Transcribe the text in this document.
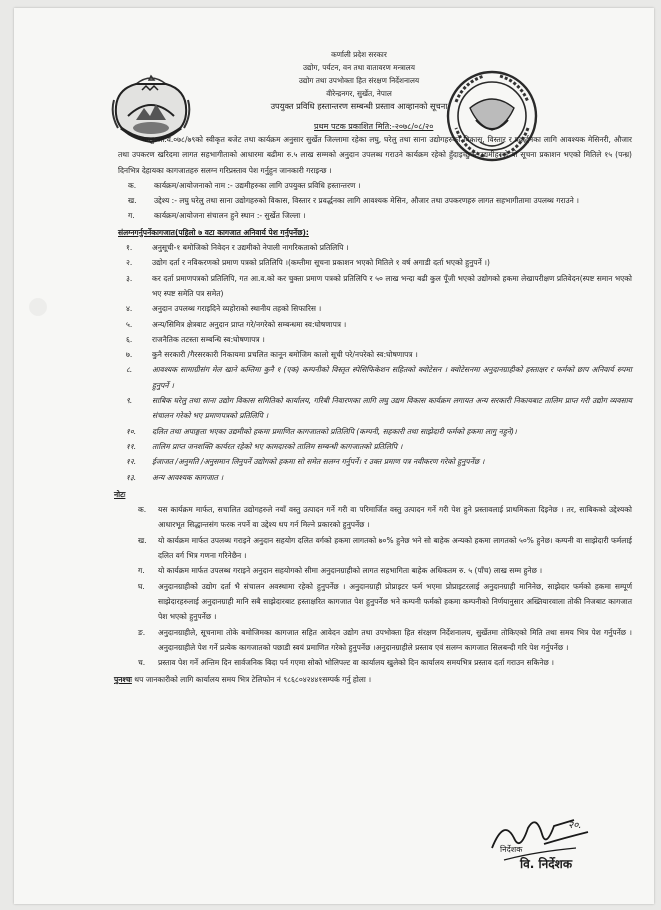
कर्णाली प्रदेश सरकार
उद्योग, पर्यटन, वन तथा वातावरण मन्त्रालय
उद्योग तथा उपभोक्ता हित संरक्षण निर्देशनालय
वीरेन्द्रनगर, सुर्खेत, नेपाल
उपयुक्त प्रविधि हस्तान्तरण सम्बन्धी प्रस्ताव आव्हानको सूचना
प्रथम पटक प्रकाशित मिति:-२०७८/०८/२०
चालु आ.व.०७८/७९को स्वीकृत बजेट तथा कार्यक्रम अनुसार सुर्खेत जिल्लामा रहेका लघु, घरेलु तथा साना उद्योगहरुको विकास, विस्तार र प्रवर्द्धनका लागि आवश्यक मेसिनरी, औजार तथा उपकरण खरिदमा लागत सहभागीताको आधारमा बढीमा रु.५ लाख सम्मको अनुदान उपलब्ध गराउने कार्यक्रम रहेको हुँदाइच्छुक उद्यमीहरुले यो सूचना प्रकाशन भएको मितिले १५ (पन्ध्र) दिनभित्र देहायका कागजातहरु सलग्न गरिप्रस्ताव पेश गर्नुहुन जानकारी गराइन्छ ।
क.	कार्यक्रम/आयोजनाको नाम :- उद्यमीहरुका लागि उपयुक्त प्रविधि हस्तान्तरण ।
ख.	उद्देश्य :- लघु घरेलु तथा साना उद्योगहरुको विकास, विस्तार र प्रवर्द्धनका लागि आवश्यक मेसिन, औजार तथा उपकरणहरु लागत सहभागीतामा उपलब्ध गराउने ।
ग.	कार्यक्रम/आयोजना संचालन हुने स्थान :- सुर्खेत जिल्ला ।
संलग्नगर्नुपर्नेकागजात(पहिलो ७ वटा कागजात अनिवार्य पेश गर्नुपर्नेछ):
१.	अनुसूची-१ बमोजिको निवेदन र उद्यमीको नेपाली नागरिकताको प्रतिलिपि ।
२.	उद्योग दर्ता र नविकरणको प्रमाण पत्रको प्रतिलिपि ।(कम्तीमा सूचना प्रकाशन भएको मितिले १ वर्ष अगाडी दर्ता भएको हुनुपर्ने ।)
३.	कर दर्ता प्रमाणपत्रको प्रतिलिपि, गत आ.व.को कर चुक्ता प्रमाण पत्रको प्रतिलिपि र ५० लाख भन्दा बढी कुल पूँजी भएको उद्योगको हकमा लेखापरीक्षण प्रतिवेदन(स्पष्ट समान भएको भए स्पष्ट समेति पत्र समेत)
४.	अनुदान उपलब्ध गराइदिने व्यहोराको स्थानीय तहको सिफारिस ।
५.	अन्य/सिमित्र क्षेत्रबाट अनुदान प्राप्त गरे/नगरेको सम्बन्धमा स्व:घोषणापत्र ।
६.	राजनैतिक तटस्ता सम्बन्धि स्व:घोषणापत्र ।
७.	कुनै सरकारी /गैरसरकारी निकायमा प्रचलित कानून बमोजिम कालो सूची परे/नपरेको स्व:घोषणापत्र ।
८.	आवश्यक सामाग्रीसंग मेल खाने कम्तिमा कुनै १ (एक) कम्पनीको विस्तृत स्पेसिफिकेशन सहितको क्वोटेसन । क्वोटेसनमा अनुदानग्राहीको हस्ताक्षर र फर्मको छाप अनिवार्य रुपमा हुनुपर्ने ।
९.	साबिक घरेलु तथा साना उद्योग विकास समितिको कार्यालय, गरिबी निवारणका लागि लघु उद्यम विकास कार्यक्रम लगायत अन्य सरकारी निकायबाट तालिम प्राप्त गरी उद्योग व्यवसाय संचालन गरेको भए प्रमाणपत्रको प्रतिलिपि ।
१०.	दलित तथा अपाङ्गता भएका उद्यमीको हकमा प्रमाणित कागजातको प्रतिलिपि (कम्पनी, सहकारी तथा साझेदारी फर्मको हकमा लागु नहुने)।
११.	तालिम प्राप्त जनशक्ति कार्यरत रहेको भए कामदारको तालिम सम्बन्धी कागजातको प्रतिलिपि ।
१२.	ईजाजत /अनुमति /अनुसमान लिनुपर्ने उद्योगको हकमा सो समेत सलग्न गर्नुपर्ने। र उक्त प्रमाण पत्र नवीकरण गरेको हुनुपर्नेछ ।
१३.	अन्य आवश्यक कागजात ।
नोटः
क.	यस कार्यक्रम मार्फत, सचालित उद्योगहरुले नयाँ वस्तु उत्पादन गर्ने गरी वा परिमार्जित वस्तु उत्पादन गर्ने गरी पेश हुने प्रस्तावलाई प्राथमिकता दिइनेछ । तर, साबिकको उद्देश्यको आधारभूत सिद्धान्तसंग फरक नपर्ने वा उद्देश्य थप गर्न मिल्ने प्रकारको हुनुपर्नेछ ।
ख.	यो कार्यक्रम मार्फत उपलब्ध गराइने अनुदान सहयोग दलित वर्गको हकमा लागतको ७०% हुनेछ भने सो बाहेक अन्यको हकमा लागतको ५०% हुनेछ। कम्पनी वा साझेदारी फर्मलाई दलित वर्ग भित्र गणना गरिनेछैन ।
ग.	यो कार्यक्रम मार्फत उपलब्ध गराइने अनुदान सहयोगको सीमा अनुदानग्राहीको लागत सहभागिता बाहेक अधिकतम रु. ५ (पाँच) लाख सम्म हुनेछ ।
घ.	अनुदानग्राहीको उद्योग दर्ता भै संचालन अवस्थामा रहेको हुनुपर्नेछ । अनुदानग्राही प्रोप्राइटर फर्म भएमा प्रोप्राइटरलाई अनुदानग्राही मानिनेछ, साझेदार फर्मको हकमा सम्पूर्ण साझेदारहरुलाई अनुदानग्राही मानि सबै साझेदारबाट हस्ताक्षरित कागजात पेश हुनुपर्नेछ भने कम्पनी फर्मको हकमा कम्पनीको निर्णयानुसार अख्तियारवाला तोकी निजबाट कागजात पेश भएको हुनुपर्नेछ ।
ङ.	अनुदानग्राहीले, सूचनामा तोके बमोजिमका कागजात सहित आवेदन उद्योग तथा उपभोक्ता हित संरक्षण निर्देशनालय, सुर्खेतमा तोकिएको मिति तथा समय भित्र पेश गर्नुपर्नेछ । अनुदानग्राहीले पेश गर्ने प्रत्येक कागजातको पछाडी स्वयं प्रमाणित गरेको हुनुपर्नेछ ।अनुदानग्राहीले प्रस्ताव एवं सलग्न कागजात सिलबन्दी गरि पेश गर्नुपर्नेछ ।
च.	प्रस्ताव पेश गर्ने अन्तिम दिन सार्वजनिक बिदा पर्न गएमा सोको भोलिपल्ट वा कार्यालय खुलेको दिन कार्यालय समयभित्र प्रस्ताव दर्ता गराउन सकिनेछ ।
पुनश्चः थप जानकारीको लागि कार्यालय समय भित्र टेलिफोन नं ९८६८०४२४४१सम्पर्क गर्नु होला ।
२०.
निर्देशक
वि. निर्देशक
